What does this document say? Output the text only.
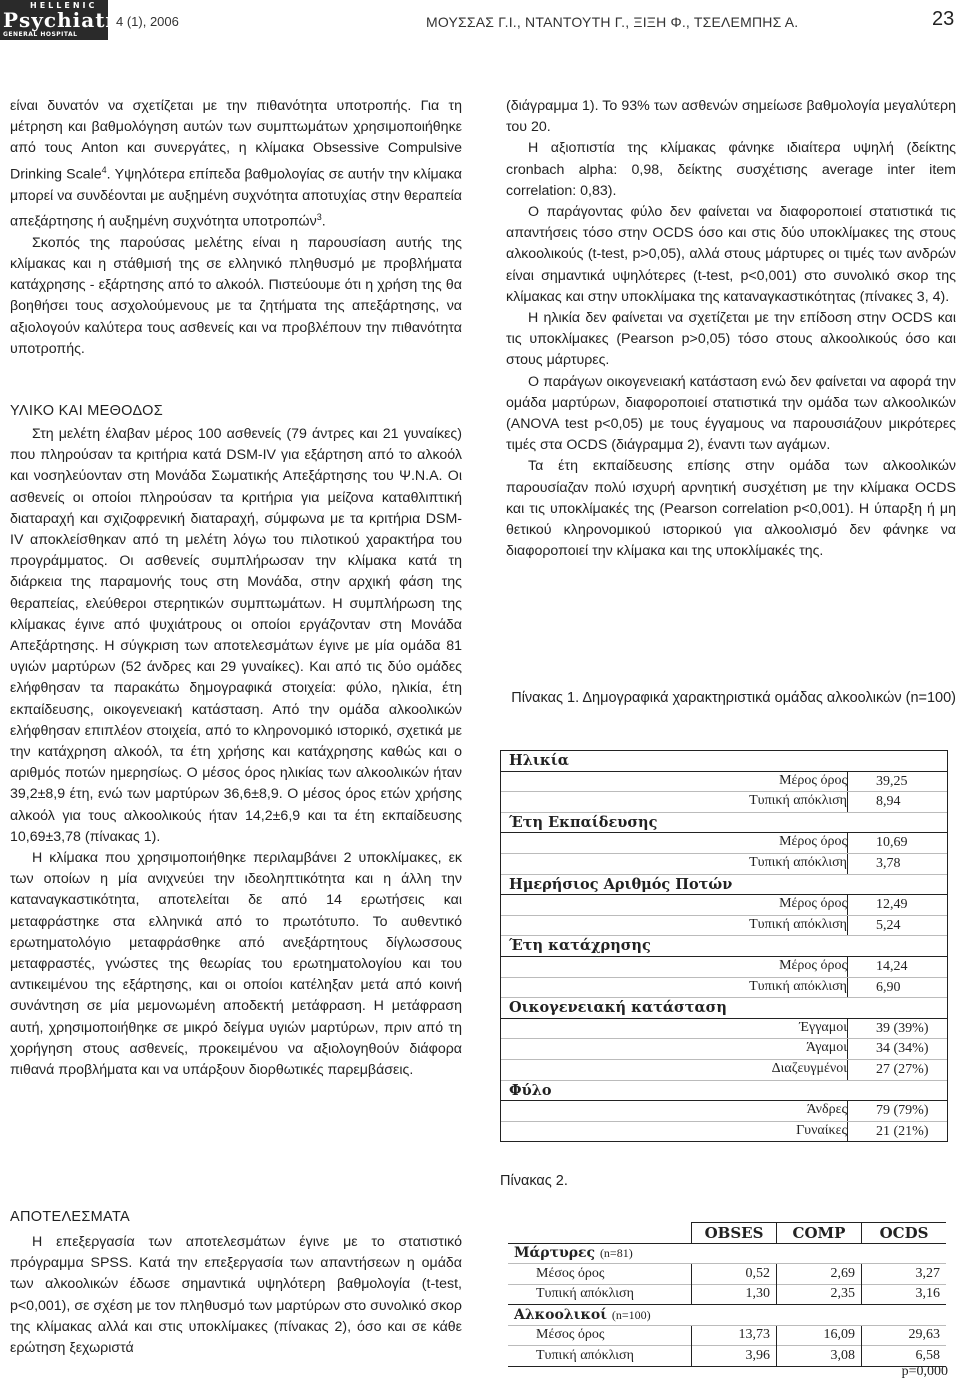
HELLENIC
Psychiatry
GENERAL HOSPITAL
4 (1), 2006	ΜΟΥΣΣΑΣ Γ.Ι., ΝΤΑΝΤΟΥΤΗ Γ., ΞΙΞΗ Φ., ΤΣΕΛΕΜΠΗΣ Α.	23

είναι δυνατόν να σχετίζεται με την πιθανότητα υποτροπής. Για τη μέτρηση και βαθμολόγηση αυτών των συμπτωμάτων χρησιμοποιήθηκε από τους Anton και συνεργάτες, η κλίμακα Obsessive Compulsive Drinking Scale$^4$. Υψηλότερα επίπεδα βαθμολογίας σε αυτήν την κλίμακα μπορεί να συνδέονται με αυξημένη συχνότητα αποτυχίας στην θεραπεία απεξάρτησης ή αυξημένη συχνότητα υποτροπών$^3$.

Σκοπός της παρούσας μελέτης είναι η παρουσίαση αυτής της κλίμακας και η στάθμισή της σε ελληνικό πληθυσμό με προβλήματα κατάχρησης - εξάρτησης από το αλκοόλ. Πιστεύουμε ότι η χρήση της θα βοηθήσει τους ασχολούμενους με τα ζητήματα της απεξάρτησης, να αξιολογούν καλύτερα τους ασθενείς και να προβλέπουν την πιθανότητα υποτροπής.

ΥΛΙΚΟ ΚΑΙ ΜΕΘΟΔΟΣ

Στη μελέτη έλαβαν μέρος 100 ασθενείς (79 άντρες και 21 γυναίκες) που πληρούσαν τα κριτήρια κατά DSM-IV για εξάρτηση από το αλκοόλ και νοσηλεύονταν στη Μονάδα Σωματικής Απεξάρτησης του Ψ.Ν.Α. Οι ασθενείς οι οποίοι πληρούσαν τα κριτήρια για μείζονα καταθλιπτική διαταραχή και σχιζοφρενική διαταραχή, σύμφωνα με τα κριτήρια DSM-IV αποκλείσθηκαν από τη μελέτη λόγω του πιλοτικού χαρακτήρα του προγράμματος. Οι ασθενείς συμπλήρωσαν την κλίμακα κατά τη διάρκεια της παραμονής τους στη Μονάδα, στην αρχική φάση της θεραπείας, ελεύθεροι στερητικών συμπτωμάτων. Η συμπλήρωση της κλίμακας έγινε από ψυχιάτρους οι οποίοι εργάζονταν στη Μονάδα Απεξάρτησης. Η σύγκριση των αποτελεσμάτων έγινε με μία ομάδα 81 υγιών μαρτύρων (52 άνδρες και 29 γυναίκες). Και από τις δύο ομάδες ελήφθησαν τα παρακάτω δημογραφικά στοιχεία: φύλο, ηλικία, έτη εκπαίδευσης, οικογενειακή κατάσταση. Από την ομάδα αλκοολικών ελήφθησαν επιπλέον στοιχεία, από το κληρονομικό ιστορικό, σχετικά με την κατάχρηση αλκοόλ, τα έτη χρήσης και κατάχρησης καθώς και ο αριθμός ποτών ημερησίως. Ο μέσος όρος ηλικίας των αλκοολικών ήταν 39,2±8,9 έτη, ενώ των μαρτύρων 36,6±8,9. Ο μέσος όρος ετών χρήσης αλκοόλ για τους αλκοολικούς ήταν 14,2±6,9 και τα έτη εκπαίδευσης 10,69±3,78 (πίνακας 1).

Η κλίμακα που χρησιμοποιήθηκε περιλαμβάνει 2 υποκλίμακες, εκ των οποίων η μία ανιχνεύει την ιδεοληπτικότητα και η άλλη την καταναγκαστικότητα, αποτελείται δε από 14 ερωτήσεις και μεταφράστηκε στα ελληνικά από το πρωτότυπο. Το αυθεντικό ερωτηματολόγιο μεταφράσθηκε από ανεξάρτητους δίγλωσσους μεταφραστές, γνώστες της θεωρίας του ερωτηματολογίου και του αντικειμένου της εξάρτησης, και οι οποίοι κατέληξαν μετά από κοινή συνάντηση σε μία μεμονωμένη αποδεκτή μετάφραση. Η μετάφραση αυτή, χρησιμοποιήθηκε σε μικρό δείγμα υγιών μαρτύρων, πριν από τη χορήγηση στους ασθενείς, προκειμένου να αξιολογηθούν διάφορα πιθανά προβλήματα και να υπάρξουν διορθωτικές παρεμβάσεις.

ΑΠΟΤΕΛΕΣΜΑΤΑ

Η επεξεργασία των αποτελεσμάτων έγινε με το στατιστικό πρόγραμμα SPSS. Κατά την επεξεργασία των απαντήσεων η ομάδα των αλκοολικών έδωσε σημαντικά υψηλότερη βαθμολογία (t-test, p<0,001), σε σχέση με τον πληθυσμό των μαρτύρων στο συνολικό σκορ της κλίμακας αλλά και στις υποκλίμακες (πίνακας 2), όσο και σε κάθε ερώτηση ξεχωριστά

(διάγραμμα 1). Το 93% των ασθενών σημείωσε βαθμολογία μεγαλύτερη του 20.

Η αξιοπιστία της κλίμακας φάνηκε ιδιαίτερα υψηλή (δείκτης cronbach alpha: 0,98, δείκτης συσχέτισης average inter item correlation: 0,83).

Ο παράγοντας φύλο δεν φαίνεται να διαφοροποιεί στατιστικά τις απαντήσεις τόσο στην OCDS όσο και στις δύο υποκλίμακες της στους αλκοολικούς (t-test, p>0,05), αλλά στους μάρτυρες οι τιμές των ανδρών είναι σημαντικά υψηλότερες (t-test, p<0,001) στο συνολικό σκορ της κλίμακας και στην υποκλίμακα της καταναγκαστικότητας (πίνακες 3, 4).

Η ηλικία δεν φαίνεται να σχετίζεται με την επίδοση στην OCDS και τις υποκλίμακες (Pearson p>0,05) τόσο στους αλκοολικούς όσο και στους μάρτυρες.

Ο παράγων οικογενειακή κατάσταση ενώ δεν φαίνεται να αφορά την ομάδα μαρτύρων, διαφοροποιεί στατιστικά την ομάδα των αλκοολικών (ANOVA test p<0,05) με τους έγγαμους να παρουσιάζουν μικρότερες τιμές στα OCDS (διάγραμμα 2), έναντι των αγάμων.

Τα έτη εκπαίδευσης επίσης στην ομάδα των αλκοολικών παρουσίαζαν πολύ ισχυρή αρνητική συσχέτιση με την κλίμακα OCDS και τις υποκλίμακές της (Pearson correlation p<0,001). Η ύπαρξη ή μη θετικού κληρονομικού ιστορικού για αλκοολισμό δεν φάνηκε να διαφοροποιεί την κλίμακα και της υποκλίμακές της.

Πίνακας 1. Δημογραφικά χαρακτηριστικά ομάδας αλκοολικών (n=100)
Ηλικία
Μέρος όρος	39,25
Τυπική απόκλιση	8,94
Έτη Εκπαίδευσης
Μέρος όρος	10,69
Τυπική απόκλιση	3,78
Ημερήσιος Αριθμός Ποτών
Μέρος όρος	12,49
Τυπική απόκλιση	5,24
Έτη κατάχρησης
Μέρος όρος	14,24
Τυπική απόκλιση	6,90
Οικογενειακή κατάσταση
Έγγαμοι	39 (39%)
Άγαμοι	34 (34%)
Διαζευγμένοι	27 (27%)
Φύλο
Άνδρες	79 (79%)
Γυναίκες	21 (21%)
Πίνακας 2.
	OBSES	COMP	OCDS
Μάρτυρες (n=81)			
Μέσος όρος	0,52	2,69	3,27
Τυπική απόκλιση	1,30	2,35	3,16
Αλκοολικοί (n=100)			
Μέσος όρος	13,73	16,09	29,63
Τυπική απόκλιση	3,96	3,08	6,58
p=0,000
